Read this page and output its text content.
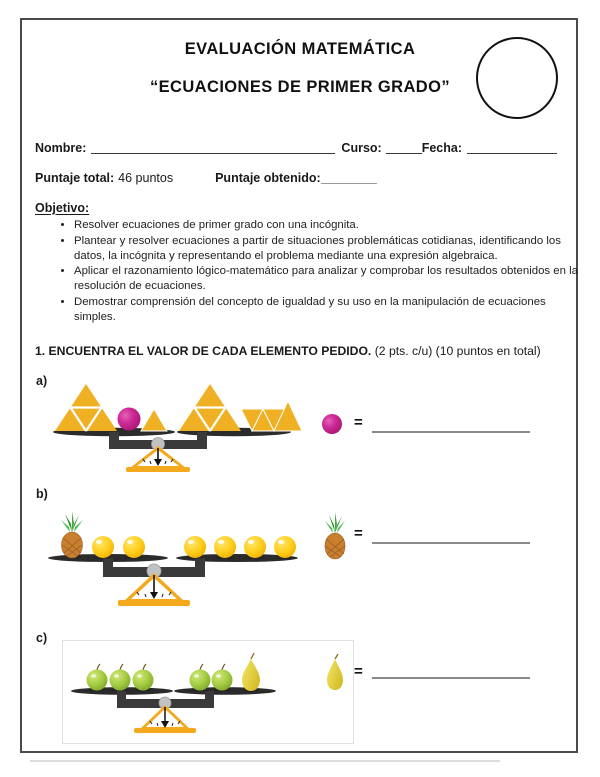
EVALUACIÓN MATEMÁTICA
“ECUACIONES DE PRIMER GRADO”
Nombre:	Curso:	Fecha:
Puntaje total: 46 puntos	Puntaje obtenido:
Objetivo:
• Resolver ecuaciones de primer grado con una incógnita.
• Plantear y resolver ecuaciones a partir de situaciones problemáticas cotidianas, identificando los datos, la incógnita y representando el problema mediante una expresión algebraica.
• Aplicar el razonamiento lógico-matemático para analizar y comprobar los resultados obtenidos en la resolución de ecuaciones.
• Demostrar comprensión del concepto de igualdad y su uso en la manipulación de ecuaciones simples.
1. ENCUENTRA EL VALOR DE CADA ELEMENTO PEDIDO. (2 pts. c/u) (10 puntos en total)
a)
=
b)
=
c)
=
